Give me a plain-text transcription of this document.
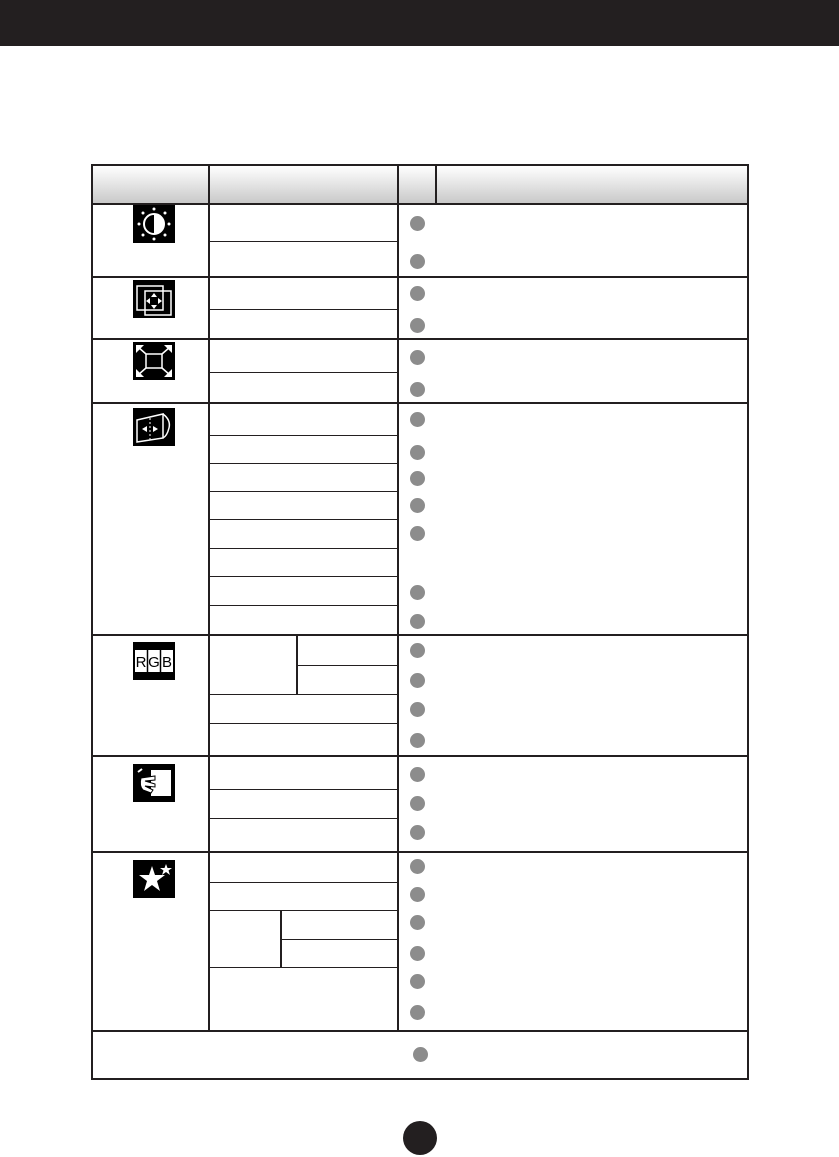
R G B
